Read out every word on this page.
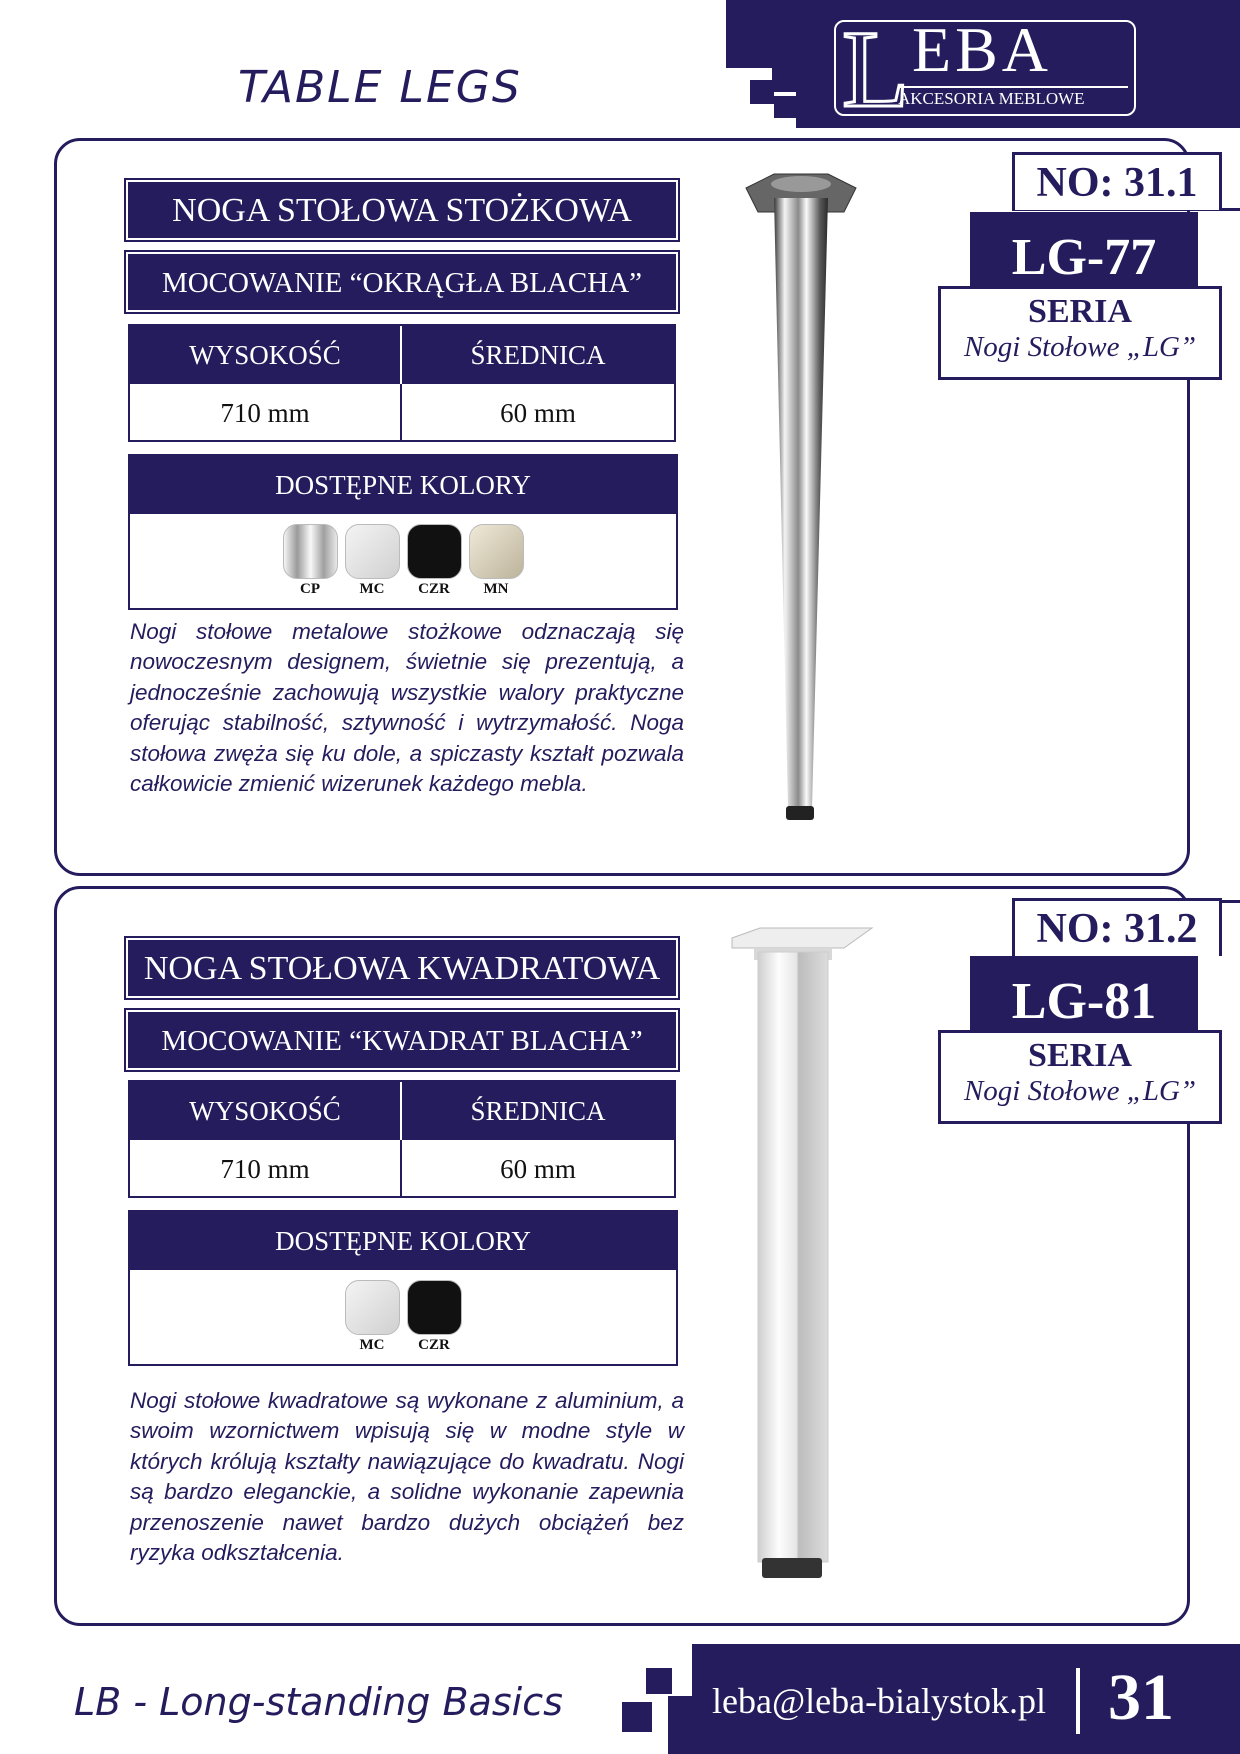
TABLE LEGS	L EBA
AKCESORIA MEBLOWE
NOGA STOŁOWA STOŻKOWA
MOCOWANIE “OKRĄGŁA BLACHA”
WYSOKOŚĆ	ŚREDNICA
710 mm	60 mm
DOSTĘPNE KOLORY
CP	MC	CZR	MN
Nogi stołowe metalowe stożkowe odznaczają się nowoczesnym designem, świetnie się prezentują, a jednocześnie zachowują wszystkie walory praktyczne oferując stabilność, sztywność i wytrzymałość. Noga stołowa zwęża się ku dole, a spiczasty kształt pozwala całkowicie zmienić wizerunek każdego mebla.
NO: 31.1
LG-77
SERIA
Nogi Stołowe „LG”
NOGA STOŁOWA KWADRATOWA
MOCOWANIE “KWADRAT BLACHA”
WYSOKOŚĆ	ŚREDNICA
710 mm	60 mm
DOSTĘPNE KOLORY
MC	CZR
Nogi stołowe kwadratowe są wykonane z aluminium, a swoim wzornictwem wpisują się w modne style w których królują kształty nawiązujące do kwadratu. Nogi są bardzo eleganckie, a solidne wykonanie zapewnia przenoszenie nawet bardzo dużych obciążeń bez ryzyka odkształcenia.
NO: 31.2
LG-81
SERIA
Nogi Stołowe „LG”
LB - Long-standing Basics	leba@leba-bialystok.pl 31
